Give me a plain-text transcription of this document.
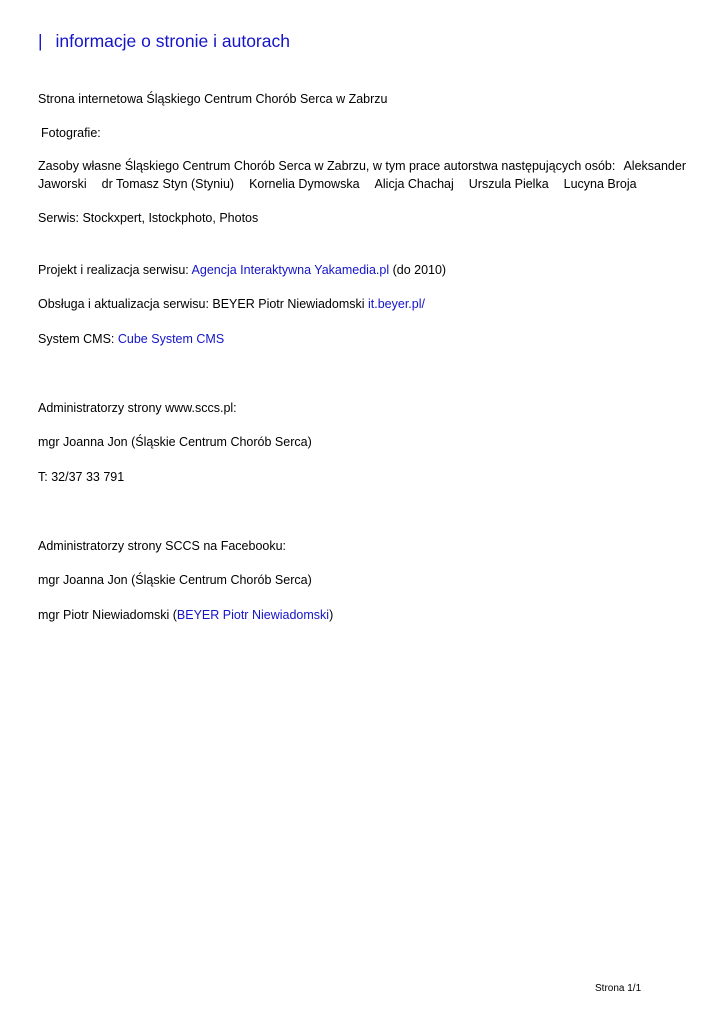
| informacje o stronie i autorach
Strona internetowa Śląskiego Centrum Chorób Serca w Zabrzu
Fotografie:
Zasoby własne Śląskiego Centrum Chorób Serca w Zabrzu, w tym prace autorstwa następujących osób: Aleksander
Jaworski dr Tomasz Styn (Styniu) Kornelia Dymowska Alicja Chachaj Urszula Pielka Lucyna Broja
Serwis: Stockxpert, Istockphoto, Photos
Projekt i realizacja serwisu: Agencja Interaktywna Yakamedia.pl (do 2010)
Obsługa i aktualizacja serwisu: BEYER Piotr Niewiadomski it.beyer.pl/
System CMS: Cube System CMS
Administratorzy strony www.sccs.pl:
mgr Joanna Jon (Śląskie Centrum Chorób Serca)
T: 32/37 33 791
Administratorzy strony SCCS na Facebooku:
mgr Joanna Jon (Śląskie Centrum Chorób Serca)
mgr Piotr Niewiadomski (BEYER Piotr Niewiadomski)
Strona 1/1
